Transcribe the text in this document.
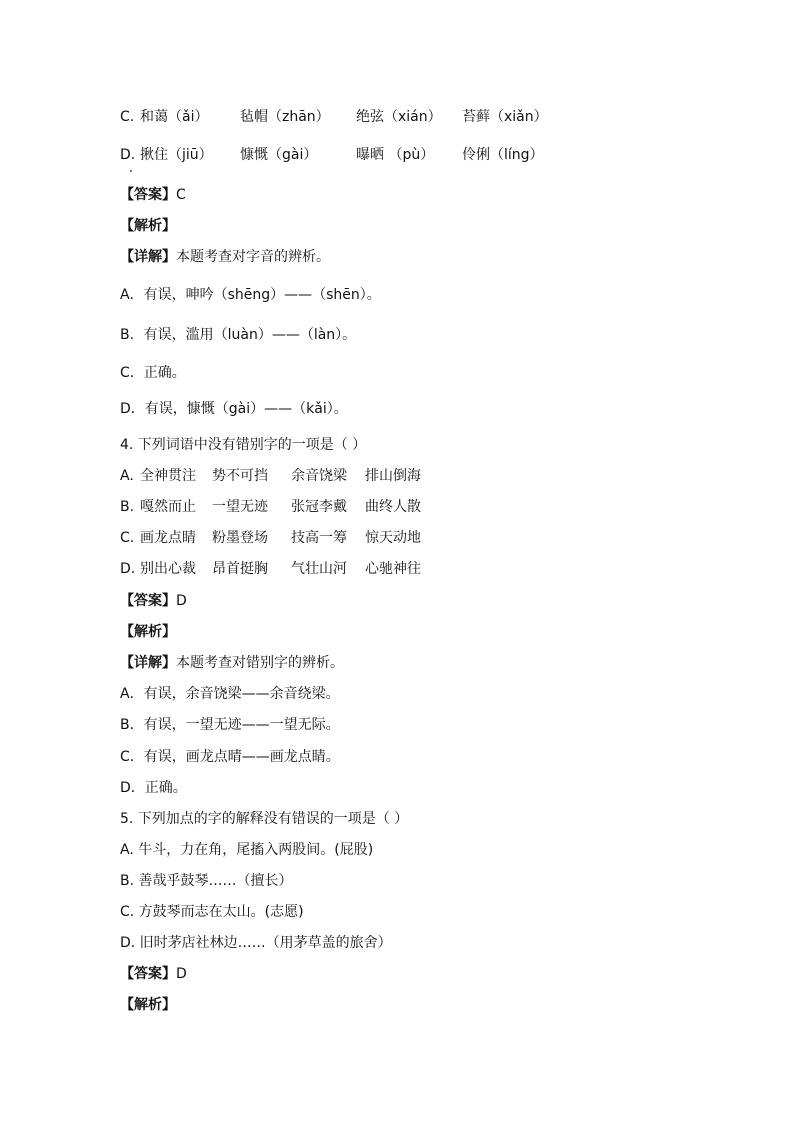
C. 和蔼（ǎi） 毡帽（zhān） 绝弦（xián） 苔藓（xiǎn）
D. 揪住（jiū） 慷慨（gài）	曝晒 （pù） 伶俐（líng）
【答案】C
【解析】
【详解】本题考查对字音的辨析。
A．有误，呻吟（shēng）——（shēn）。
B．有误，滥用（luàn）——（làn）。
C．正确。
D．有误，慷慨（gài）——（kǎi）。
4. 下列词语中没有错别字的一项是（ ）
A. 全神贯注 势不可挡 余音饶梁 排山倒海
B. 嘎然而止 一望无迹 张冠李戴 曲终人散
C. 画龙点睛 粉墨登场 技高一筹 惊天动地
D. 别出心裁 昂首挺胸 气壮山河 心驰神往
【答案】D
【解析】
【详解】本题考查对错别字的辨析。
A．有误，余音饶梁——余音绕梁。
B．有误，一望无迹——一望无际。
C．有误，画龙点晴——画龙点睛。
D．正确。
5. 下列加点的字的解释没有错误的一项是（ ）
A. 牛斗，力在角，尾搐入两股间。(屁股)
B. 善哉乎鼓琴……（擅长）
C. 方鼓琴而志在太山。(志愿)
D. 旧时茅店社林边……（用茅草盖的旅舍）
【答案】D
【解析】
